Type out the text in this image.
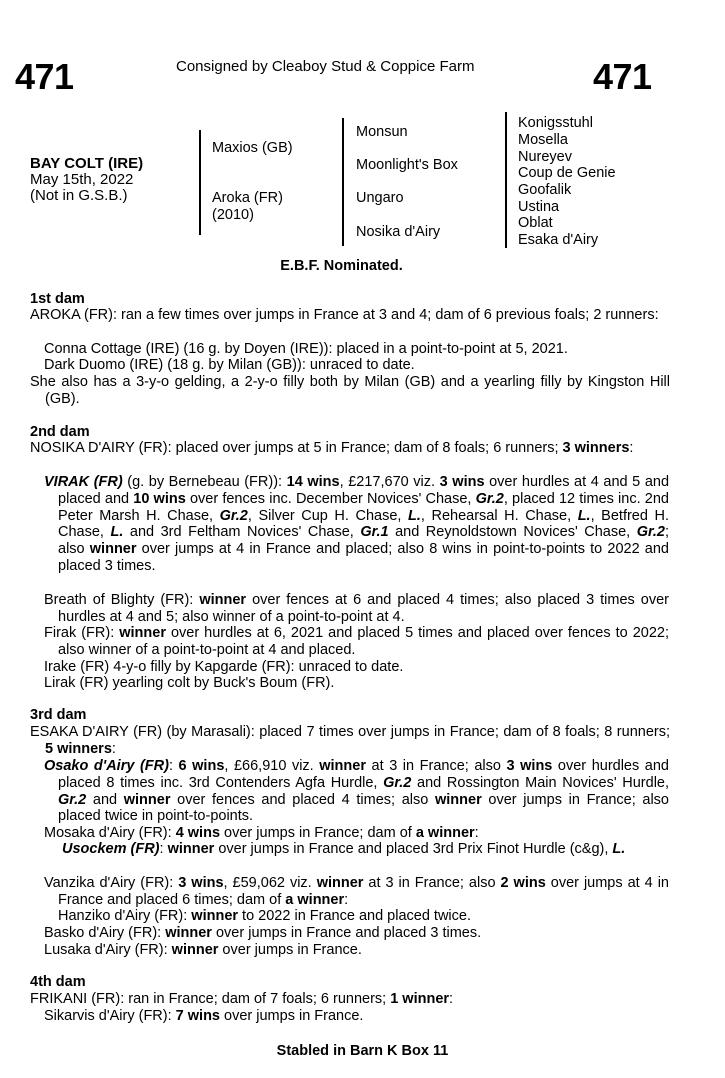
471	Consigned by Cleaboy Stud & Coppice Farm	471
BAY COLT (IRE)
May 15th, 2022
(Not in G.S.B.)
Maxios (GB)
Aroka (FR)
(2010)
Monsun
Moonlight's Box
Ungaro
Nosika d'Airy
Konigsstuhl
Mosella
Nureyev
Coup de Genie
Goofalik
Ustina
Oblat
Esaka d'Airy
E.B.F. Nominated.
1st dam
AROKA (FR): ran a few times over jumps in France at 3 and 4; dam of 6 previous foals; 2 runners:
Conna Cottage (IRE) (16 g. by Doyen (IRE)): placed in a point-to-point at 5, 2021.
Dark Duomo (IRE) (18 g. by Milan (GB)): unraced to date.
She also has a 3-y-o gelding, a 2-y-o filly both by Milan (GB) and a yearling filly by Kingston Hill (GB).
2nd dam
NOSIKA D'AIRY (FR): placed over jumps at 5 in France; dam of 8 foals; 6 runners; 3 winners:
VIRAK (FR) (g. by Bernebeau (FR)): 14 wins, £217,670 viz. 3 wins over hurdles at 4 and 5 and placed and 10 wins over fences inc. December Novices' Chase, Gr.2, placed 12 times inc. 2nd Peter Marsh H. Chase, Gr.2, Silver Cup H. Chase, L., Rehearsal H. Chase, L., Betfred H. Chase, L. and 3rd Feltham Novices' Chase, Gr.1 and Reynoldstown Novices' Chase, Gr.2; also winner over jumps at 4 in France and placed; also 8 wins in point-to-points to 2022 and placed 3 times.
Breath of Blighty (FR): winner over fences at 6 and placed 4 times; also placed 3 times over hurdles at 4 and 5; also winner of a point-to-point at 4.
Firak (FR): winner over hurdles at 6, 2021 and placed 5 times and placed over fences to 2022; also winner of a point-to-point at 4 and placed.
Irake (FR) 4-y-o filly by Kapgarde (FR): unraced to date.
Lirak (FR) yearling colt by Buck's Boum (FR).
3rd dam
ESAKA D'AIRY (FR) (by Marasali): placed 7 times over jumps in France; dam of 8 foals; 8 runners; 5 winners:
Osako d'Airy (FR): 6 wins, £66,910 viz. winner at 3 in France; also 3 wins over hurdles and placed 8 times inc. 3rd Contenders Agfa Hurdle, Gr.2 and Rossington Main Novices' Hurdle, Gr.2 and winner over fences and placed 4 times; also winner over jumps in France; also placed twice in point-to-points.
Mosaka d'Airy (FR): 4 wins over jumps in France; dam of a winner:
Usockem (FR): winner over jumps in France and placed 3rd Prix Finot Hurdle (c&g), L.
Vanzika d'Airy (FR): 3 wins, £59,062 viz. winner at 3 in France; also 2 wins over jumps at 4 in France and placed 6 times; dam of a winner:
Hanziko d'Airy (FR): winner to 2022 in France and placed twice.
Basko d'Airy (FR): winner over jumps in France and placed 3 times.
Lusaka d'Airy (FR): winner over jumps in France.
4th dam
FRIKANI (FR): ran in France; dam of 7 foals; 6 runners; 1 winner:
Sikarvis d'Airy (FR): 7 wins over jumps in France.
Stabled in Barn K Box 11
